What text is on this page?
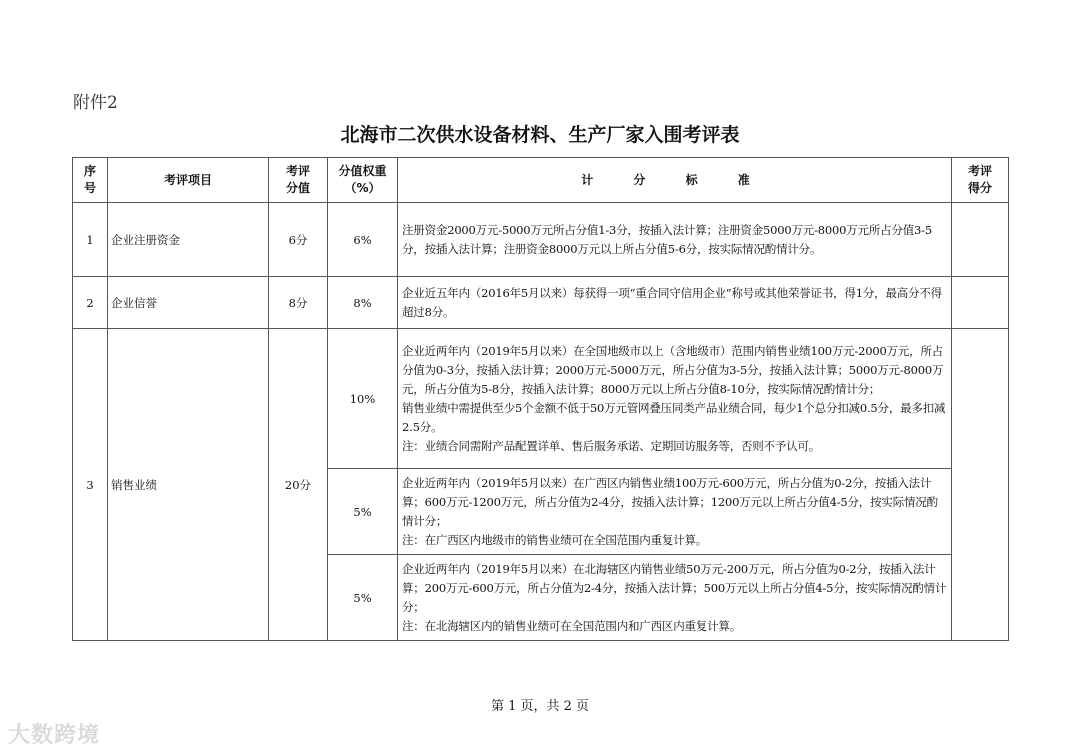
附件2
北海市二次供水设备材料、生产厂家入围考评表
序号	考评项目	考评分值	分值权重（%）	计 分 标 准	考评得分
1	企业注册资金	6分	6%	注册资金2000万元-5000万元所占分值1-3分，按插入法计算；注册资金5000万元-8000万元所占分值3-5分，按插入法计算；注册资金8000万元以上所占分值5-6分，按实际情况酌情计分。	
2	企业信誉	8分	8%	企业近五年内（2016年5月以来）每获得一项“重合同守信用企业”称号或其他荣誉证书，得1分，最高分不得超过8分。	
3	销售业绩	20分	10%	企业近两年内（2019年5月以来）在全国地级市以上（含地级市）范围内销售业绩100万元-2000万元，所占分值为0-3分，按插入法计算；2000万元-5000万元，所占分值为3-5分，按插入法计算；5000万元-8000万元，所占分值为5-8分，按插入法计算；8000万元以上所占分值8-10分，按实际情况酌情计分；
销售业绩中需提供至少5个金额不低于50万元管网叠压同类产品业绩合同，每少1个总分扣减0.5分，最多扣减2.5分。
注：业绩合同需附产品配置详单、售后服务承诺、定期回访服务等，否则不予认可。	
			5%	企业近两年内（2019年5月以来）在广西区内销售业绩100万元-600万元，所占分值为0-2分，按插入法计算；600万元-1200万元，所占分值为2-4分，按插入法计算；1200万元以上所占分值4-5分，按实际情况酌情计分；
注：在广西区内地级市的销售业绩可在全国范围内重复计算。	
			5%	企业近两年内（2019年5月以来）在北海辖区内销售业绩50万元-200万元，所占分值为0-2分，按插入法计算；200万元-600万元，所占分值为2-4分，按插入法计算；500万元以上所占分值4-5分，按实际情况酌情计分；
注：在北海辖区内的销售业绩可在全国范围内和广西区内重复计算。	
第 1 页，共 2 页
大数跨境
